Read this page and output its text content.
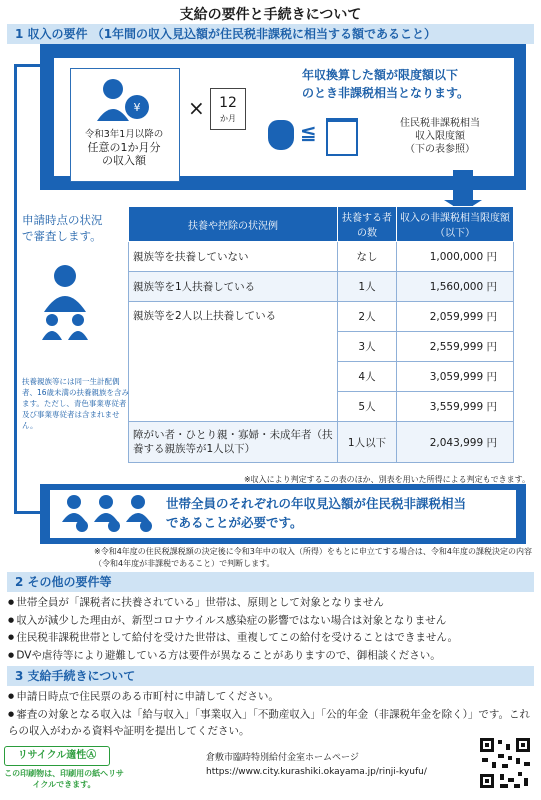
支給の要件と手続きについて
1 収入の要件 （1年間の収入見込額が住民税非課税に相当する額であること）
¥
令和3年1月以降の
任意の1か月分
の収入額
×	12
か月
年収換算した額が限度額以下
のとき非課税相当となります。
≦	住民税非課税相当
収入限度額
（下の表参照）
申請時点の状況で審査します。
扶養親族等には同一生計配偶者、16歳未満の扶養親族を含みます。ただし、青色事業専従者及び事業専従者は含まれません。
扶養や控除の状況例	扶養する者の数	収入の非課税相当限度額（以下）
親族等を扶養していない	なし	1,000,000 円
親族等を1人扶養している	1人	1,560,000 円
親族等を2人以上扶養している	2人	2,059,999 円
	3人	2,559,999 円
	4人	3,059,999 円
	5人	3,559,999 円
障がい者・ひとり親・寡婦・未成年者（扶養する親族等が1人以下）	1人以下	2,043,999 円
※収入により判定するこの表のほか、別表を用いた所得による判定もできます。
世帯全員のそれぞれの年収見込額が住民税非課税相当
であることが必要です。
※令和4年度の住民税課税額の決定後に令和3年中の収入（所得）をもとに申立てする場合は、令和4年度の課税決定の内容（令和4年度が非課税であること）で判断します。
2 その他の要件等
● 世帯全員が「課税者に扶養されている」世帯は、原則として対象となりません
● 収入が減少した理由が、新型コロナウイルス感染症の影響ではない場合は対象となりません
● 住民税非課税世帯として給付を受けた世帯は、重複してこの給付を受けることはできません。
● DVや虐待等により避難している方は要件が異なることがありますので、御相談ください。
3 支給手続きについて
● 申請日時点で住民票のある市町村に申請してください。
● 審査の対象となる収入は「給与収入」「事業収入」「不動産収入」「公的年金（非課税年金を除く）」です。これらの収入がわかる資料や証明を提出してください。
リサイクル適性Ⓐ
この印刷物は、印刷用の紙へリサイクルできます。
倉敷市臨時特別給付金室ホームページ
https://www.city.kurashiki.okayama.jp/rinji-kyufu/
